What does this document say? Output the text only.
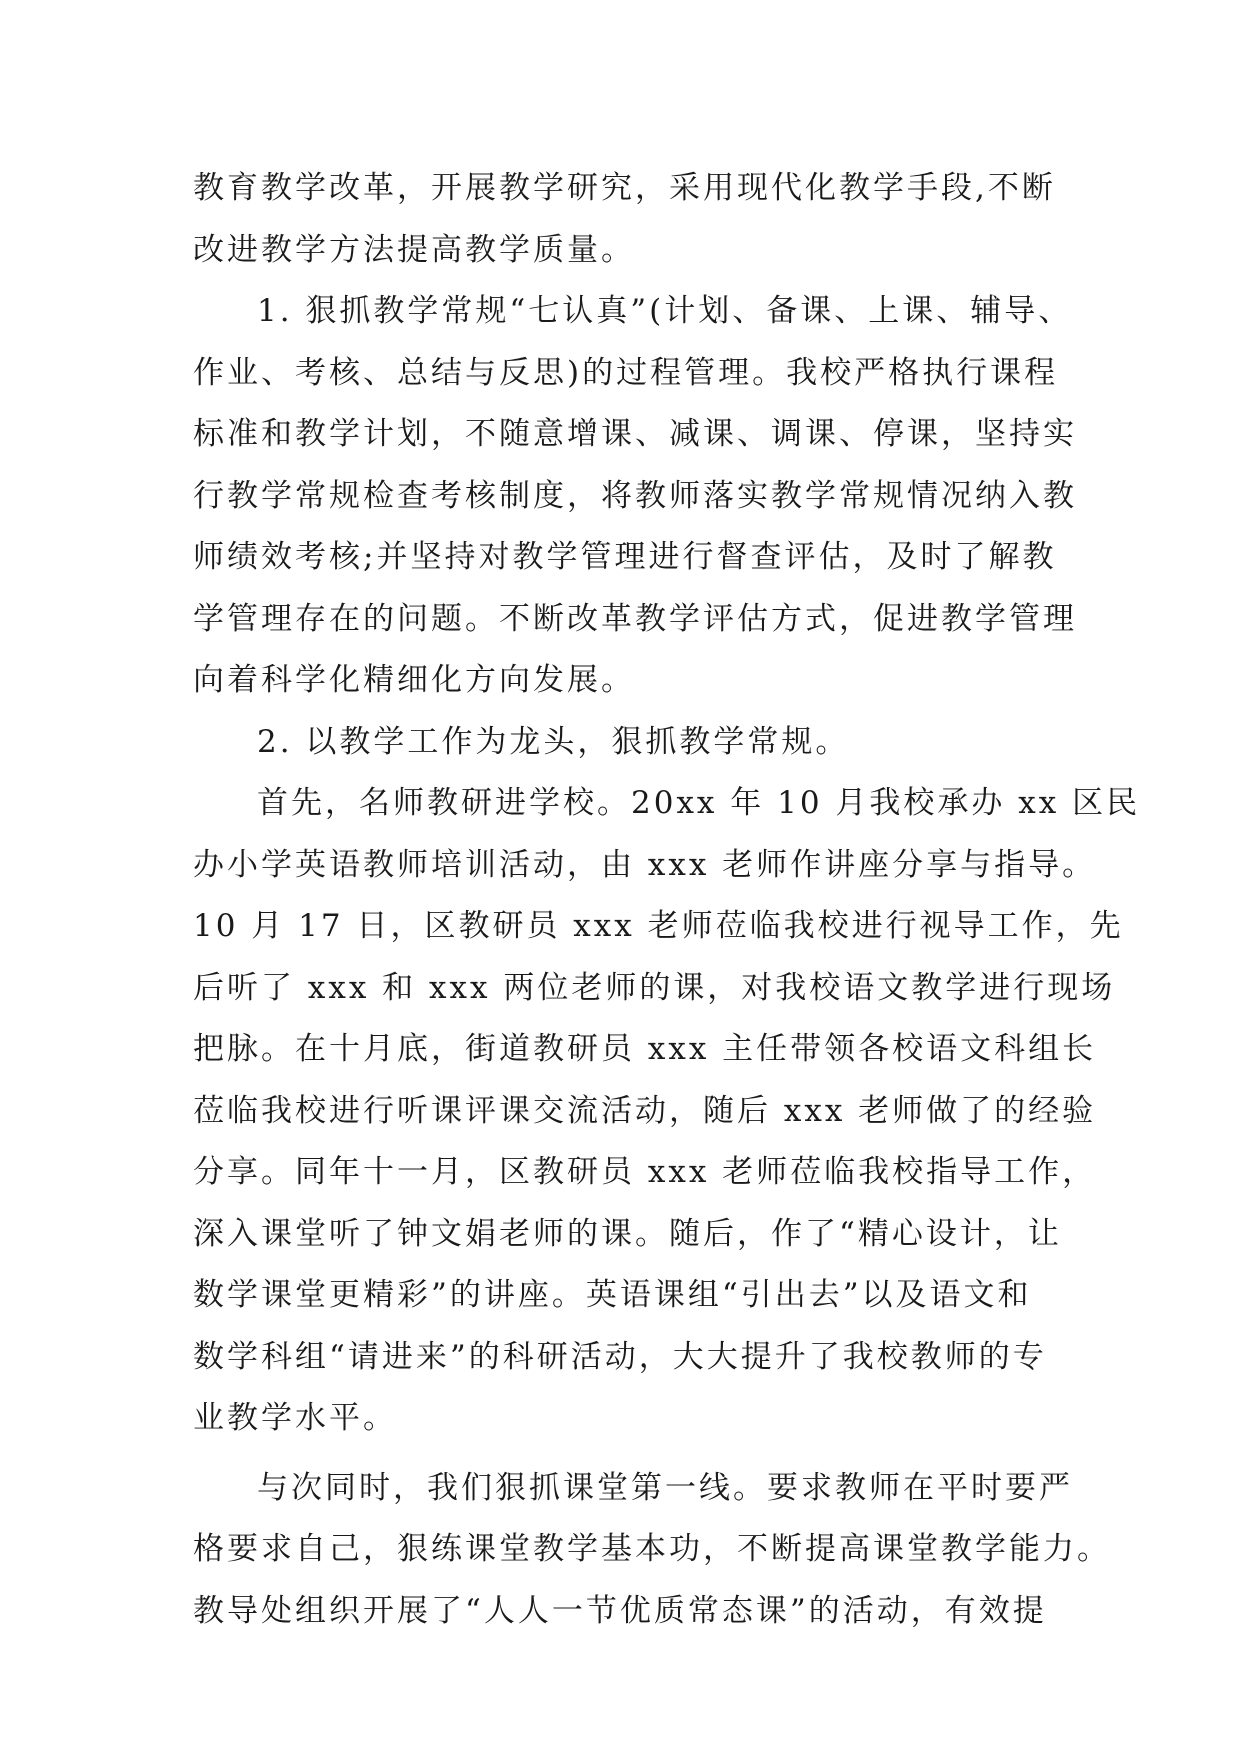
教育教学改革，开展教学研究，采用现代化教学手段,不断
改进教学方法提高教学质量。
1. 狠抓教学常规“七认真”(计划、备课、上课、辅导、
作业、考核、总结与反思)的过程管理。我校严格执行课程
标准和教学计划，不随意增课、减课、调课、停课，坚持实
行教学常规检查考核制度，将教师落实教学常规情况纳入教
师绩效考核;并坚持对教学管理进行督查评估，及时了解教
学管理存在的问题。不断改革教学评估方式，促进教学管理
向着科学化精细化方向发展。
2. 以教学工作为龙头，狠抓教学常规。
首先，名师教研进学校。20xx 年 10 月我校承办 xx 区民
办小学英语教师培训活动，由 xxx 老师作讲座分享与指导。
10 月 17 日，区教研员 xxx 老师莅临我校进行视导工作，先
后听了 xxx 和 xxx 两位老师的课，对我校语文教学进行现场
把脉。在十月底，街道教研员 xxx 主任带领各校语文科组长
莅临我校进行听课评课交流活动，随后 xxx 老师做了的经验
分享。同年十一月，区教研员 xxx 老师莅临我校指导工作，
深入课堂听了钟文娟老师的课。随后，作了“精心设计，让
数学课堂更精彩”的讲座。英语课组“引出去”以及语文和
数学科组“请进来”的科研活动，大大提升了我校教师的专
业教学水平。
与次同时，我们狠抓课堂第一线。要求教师在平时要严
格要求自己，狠练课堂教学基本功，不断提高课堂教学能力。
教导处组织开展了“人人一节优质常态课”的活动，有效提
